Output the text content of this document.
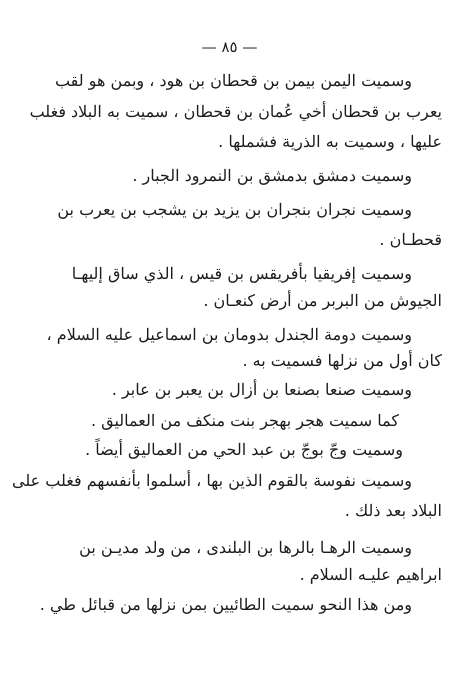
— ٨٥ —
وسميت اليمن بيمن بن قحطان بن هود ، وبمن هو لقب
يعرب بن قحطان أخي عُمان بن قحطان ، سميت به البلاد فغلب
عليها ، وسميت به الذرية فشملها .
وسميت دمشق بدمشق بن النمرود الجبار .
وسميت نجران بنجران بن يزيد بن يشجب بن يعرب بن
قحطـان .
وسميت إفريقيا بأفريقس بن قيس ، الذي ساق إليهـا
الجيوش من البربر من أرض كنعـان .
وسميت دومة الجندل بدومان بن اسماعيل عليه السلام ،
كان أول من نزلها فسميت به .
وسميت صنعا بصنعا بن أزال بن يعبر بن عابر .
كما سميت هجر بهجر بنت منكف من العماليق .
وسميت وجّ بوجّ بن عبد الحي من العماليق أيضاً .
وسميت نفوسة بالقوم الذين بها ، أسلموا بأنفسهم فغلب على
البلاد بعد ذلك .
وسميت الرهـا بالرها بن البلندى ، من ولد مديـن بن
ابراهيم عليـه السلام .
ومن هذا النحو سميت الطائيين بمن نزلها من قبائل طي .
